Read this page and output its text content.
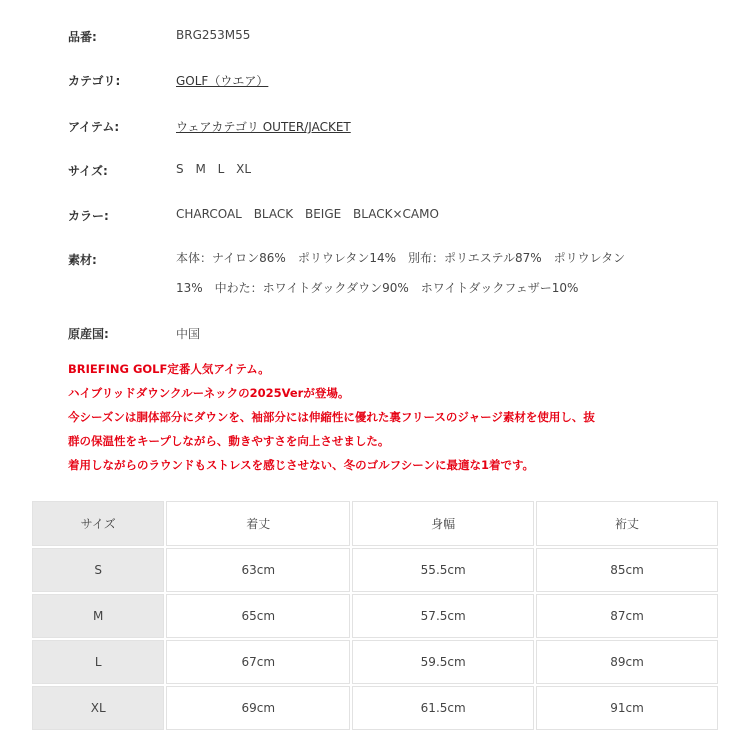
品番:	BRG253M55
カテゴリ:	GOLF（ウエア）
アイテム:	ウェアカテゴリ OUTER/JACKET
サイズ:	S M L XL
カラー:	CHARCOAL BLACK BEIGE BLACK×CAMO
素材:	本体：ナイロン86%　ポリウレタン14%　別布：ポリエステル87%　ポリウレタン
13%　中わた：ホワイトダックダウン90%　ホワイトダックフェザー10%
原産国:	中国

BRIEFING GOLF定番人気アイテム。

ハイブリッドダウンクルーネックの2025Verが登場。

今シーズンは胴体部分にダウンを、袖部分には伸縮性に優れた裏フリースのジャージ素材を使用し、抜

群の保温性をキープしながら、動きやすさを向上させました。

着用しながらのラウンドもストレスを感じさせない、冬のゴルフシーンに最適な1着です。

サイズ	着丈	身幅	裄丈
S	63cm	55.5cm	85cm
M	65cm	57.5cm	87cm
L	67cm	59.5cm	89cm
XL	69cm	61.5cm	91cm
